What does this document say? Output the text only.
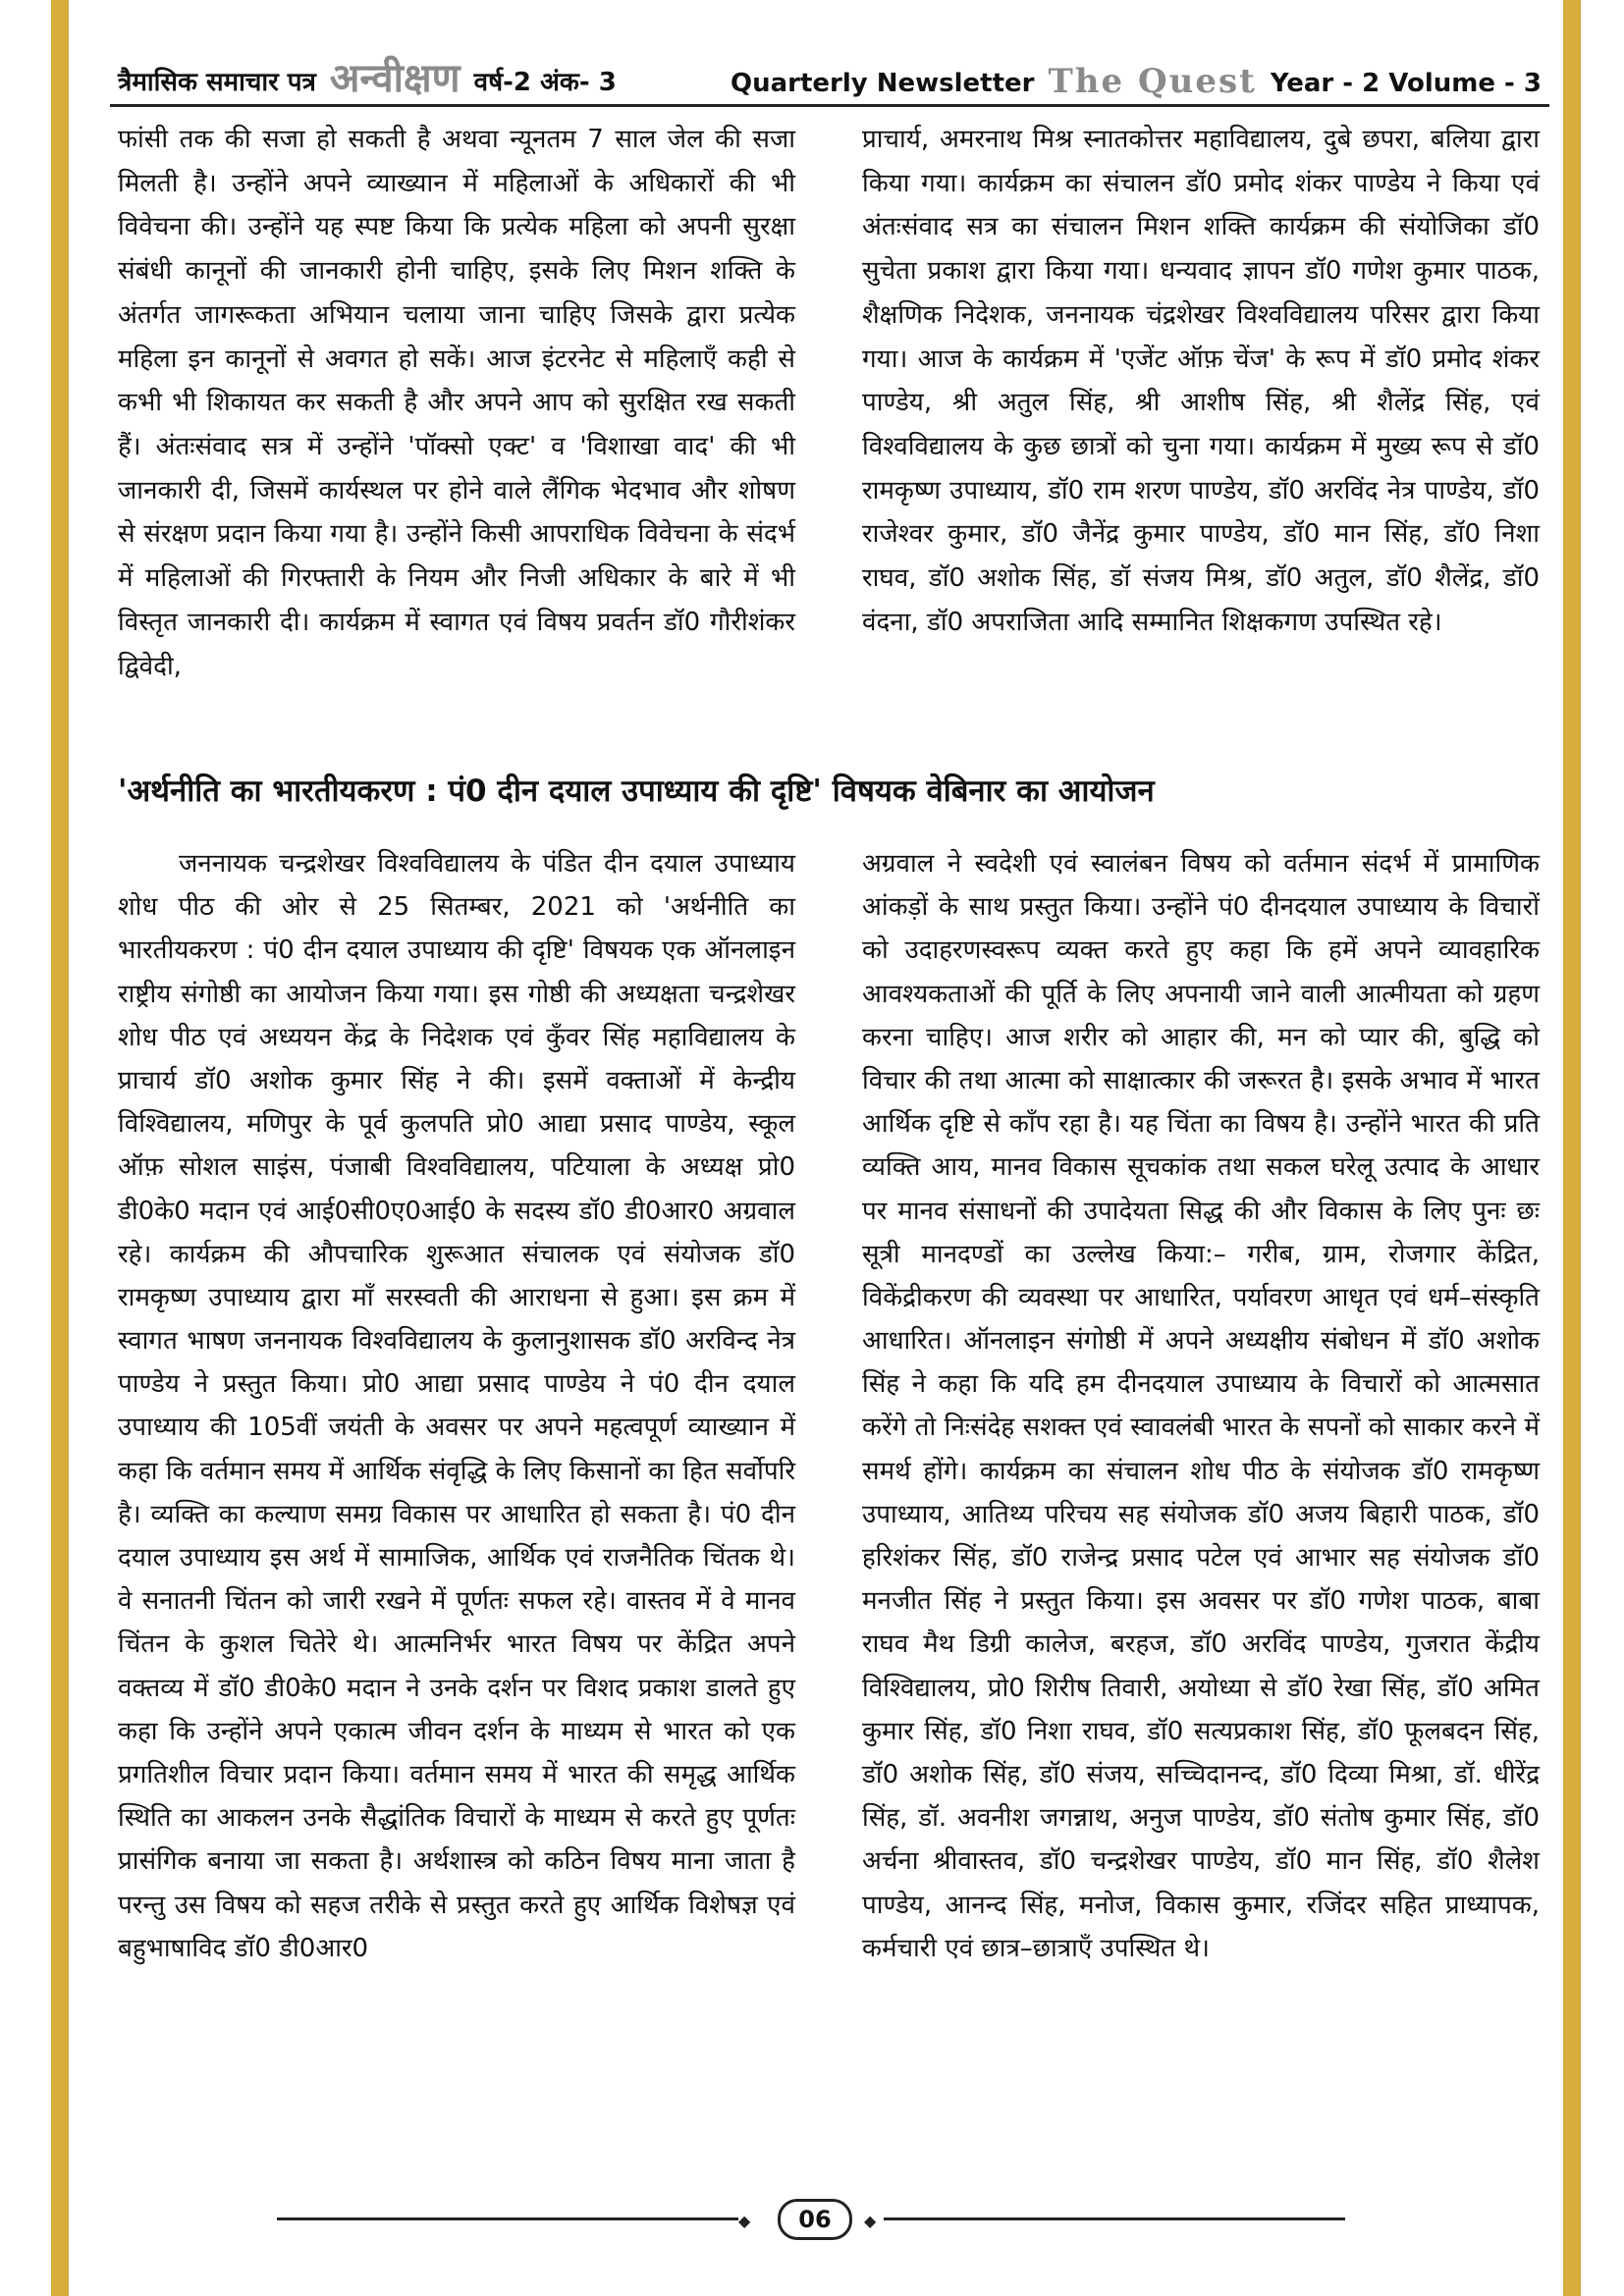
त्रैमासिक समाचार पत्र अन्वीक्षण वर्ष-2 अंक- 3	Quarterly Newsletter The Quest Year - 2 Volume - 3

फांसी तक की सजा हो सकती है अथवा न्यूनतम 7 साल जेल की सजा मिलती है। उन्होंने अपने व्याख्यान में महिलाओं के अधिकारों की भी विवेचना की। उन्होंने यह स्पष्ट किया कि प्रत्येक महिला को अपनी सुरक्षा संबंधी कानूनों की जानकारी होनी चाहिए, इसके लिए मिशन शक्ति के अंतर्गत जागरूकता अभियान चलाया जाना चाहिए जिसके द्वारा प्रत्येक महिला इन कानूनों से अवगत हो सकें। आज इंटरनेट से महिलाएँ कही से कभी भी शिकायत कर सकती है और अपने आप को सुरक्षित रख सकती हैं। अंतःसंवाद सत्र में उन्होंने 'पॉक्सो एक्ट' व 'विशाखा वाद' की भी जानकारी दी, जिसमें कार्यस्थल पर होने वाले लैंगिक भेदभाव और शोषण से संरक्षण प्रदान किया गया है। उन्होंने किसी आपराधिक विवेचना के संदर्भ में महिलाओं की गिरफ्तारी के नियम और निजी अधिकार के बारे में भी विस्तृत जानकारी दी। कार्यक्रम में स्वागत एवं विषय प्रवर्तन डॉ0 गौरीशंकर द्विवेदी,

प्राचार्य, अमरनाथ मिश्र स्नातकोत्तर महाविद्यालय, दुबे छपरा, बलिया द्वारा किया गया। कार्यक्रम का संचालन डॉ0 प्रमोद शंकर पाण्डेय ने किया एवं अंतःसंवाद सत्र का संचालन मिशन शक्ति कार्यक्रम की संयोजिका डॉ0 सुचेता प्रकाश द्वारा किया गया। धन्यवाद ज्ञापन डॉ0 गणेश कुमार पाठक, शैक्षणिक निदेशक, जननायक चंद्रशेखर विश्वविद्यालय परिसर द्वारा किया गया। आज के कार्यक्रम में 'एजेंट ऑफ़ चेंज' के रूप में डॉ0 प्रमोद शंकर पाण्डेय, श्री अतुल सिंह, श्री आशीष सिंह, श्री शैलेंद्र सिंह, एवं विश्वविद्यालय के कुछ छात्रों को चुना गया। कार्यक्रम में मुख्य रूप से डॉ0 रामकृष्ण उपाध्याय, डॉ0 राम शरण पाण्डेय, डॉ0 अरविंद नेत्र पाण्डेय, डॉ0 राजेश्वर कुमार, डॉ0 जैनेंद्र कुमार पाण्डेय, डॉ0 मान सिंह, डॉ0 निशा राघव, डॉ0 अशोक सिंह, डॉ संजय मिश्र, डॉ0 अतुल, डॉ0 शैलेंद्र, डॉ0 वंदना, डॉ0 अपराजिता आदि सम्मानित शिक्षकगण उपस्थित रहे।

'अर्थनीति का भारतीयकरण : पं0 दीन दयाल उपाध्याय की दृष्टि' विषयक वेबिनार का आयोजन

जननायक चन्द्रशेखर विश्वविद्यालय के पंडित दीन दयाल उपाध्याय शोध पीठ की ओर से 25 सितम्बर, 2021 को 'अर्थनीति का भारतीयकरण : पं0 दीन दयाल उपाध्याय की दृष्टि' विषयक एक ऑनलाइन राष्ट्रीय संगोष्ठी का आयोजन किया गया। इस गोष्ठी की अध्यक्षता चन्द्रशेखर शोध पीठ एवं अध्ययन केंद्र के निदेशक एवं कुँवर सिंह महाविद्यालय के प्राचार्य डॉ0 अशोक कुमार सिंह ने की। इसमें वक्ताओं में केन्द्रीय विश्विद्यालय, मणिपुर के पूर्व कुलपति प्रो0 आद्या प्रसाद पाण्डेय, स्कूल ऑफ़ सोशल साइंस, पंजाबी विश्वविद्यालय, पटियाला के अध्यक्ष प्रो0 डी0के0 मदान एवं आई0सी0ए0आई0 के सदस्य डॉ0 डी0आर0 अग्रवाल रहे। कार्यक्रम की औपचारिक शुरूआत संचालक एवं संयोजक डॉ0 रामकृष्ण उपाध्याय द्वारा माँ सरस्वती की आराधना से हुआ। इस क्रम में स्वागत भाषण जननायक विश्वविद्यालय के कुलानुशासक डॉ0 अरविन्द नेत्र पाण्डेय ने प्रस्तुत किया। प्रो0 आद्या प्रसाद पाण्डेय ने पं0 दीन दयाल उपाध्याय की 105वीं जयंती के अवसर पर अपने महत्वपूर्ण व्याख्यान में कहा कि वर्तमान समय में आर्थिक संवृद्धि के लिए किसानों का हित सर्वोपरि है। व्यक्ति का कल्याण समग्र विकास पर आधारित हो सकता है। पं0 दीन दयाल उपाध्याय इस अर्थ में सामाजिक, आर्थिक एवं राजनैतिक चिंतक थे। वे सनातनी चिंतन को जारी रखने में पूर्णतः सफल रहे। वास्तव में वे मानव चिंतन के कुशल चितेरे थे। आत्मनिर्भर भारत विषय पर केंद्रित अपने वक्तव्य में डॉ0 डी0के0 मदान ने उनके दर्शन पर विशद प्रकाश डालते हुए कहा कि उन्होंने अपने एकात्म जीवन दर्शन के माध्यम से भारत को एक प्रगतिशील विचार प्रदान किया। वर्तमान समय में भारत की समृद्ध आर्थिक स्थिति का आकलन उनके सैद्धांतिक विचारों के माध्यम से करते हुए पूर्णतः प्रासंगिक बनाया जा सकता है। अर्थशास्त्र को कठिन विषय माना जाता है परन्तु उस विषय को सहज तरीके से प्रस्तुत करते हुए आर्थिक विशेषज्ञ एवं बहुभाषाविद डॉ0 डी0आर0

अग्रवाल ने स्वदेशी एवं स्वालंबन विषय को वर्तमान संदर्भ में प्रामाणिक आंकड़ों के साथ प्रस्तुत किया। उन्होंने पं0 दीनदयाल उपाध्याय के विचारों को उदाहरणस्वरूप व्यक्त करते हुए कहा कि हमें अपने व्यावहारिक आवश्यकताओं की पूर्ति के लिए अपनायी जाने वाली आत्मीयता को ग्रहण करना चाहिए। आज शरीर को आहार की, मन को प्यार की, बुद्धि को विचार की तथा आत्मा को साक्षात्कार की जरूरत है। इसके अभाव में भारत आर्थिक दृष्टि से काँप रहा है। यह चिंता का विषय है। उन्होंने भारत की प्रति व्यक्ति आय, मानव विकास सूचकांक तथा सकल घरेलू उत्पाद के आधार पर मानव संसाधनों की उपादेयता सिद्ध की और विकास के लिए पुनः छः सूत्री मानदण्डों का उल्लेख किया:– गरीब, ग्राम, रोजगार केंद्रित, विकेंद्रीकरण की व्यवस्था पर आधारित, पर्यावरण आधृत एवं धर्म–संस्कृति आधारित। ऑनलाइन संगोष्ठी में अपने अध्यक्षीय संबोधन में डॉ0 अशोक सिंह ने कहा कि यदि हम दीनदयाल उपाध्याय के विचारों को आत्मसात करेंगे तो निःसंदेह सशक्त एवं स्वावलंबी भारत के सपनों को साकार करने में समर्थ होंगे। कार्यक्रम का संचालन शोध पीठ के संयोजक डॉ0 रामकृष्ण उपाध्याय, आतिथ्य परिचय सह संयोजक डॉ0 अजय बिहारी पाठक, डॉ0 हरिशंकर सिंह, डॉ0 राजेन्द्र प्रसाद पटेल एवं आभार सह संयोजक डॉ0 मनजीत सिंह ने प्रस्तुत किया। इस अवसर पर डॉ0 गणेश पाठक, बाबा राघव मैथ डिग्री कालेज, बरहज, डॉ0 अरविंद पाण्डेय, गुजरात केंद्रीय विश्विद्यालय, प्रो0 शिरीष तिवारी, अयोध्या से डॉ0 रेखा सिंह, डॉ0 अमित कुमार सिंह, डॉ0 निशा राघव, डॉ0 सत्यप्रकाश सिंह, डॉ0 फूलबदन सिंह, डॉ0 अशोक सिंह, डॉ0 संजय, सच्चिदानन्द, डॉ0 दिव्या मिश्रा, डॉ. धीरेंद्र सिंह, डॉ. अवनीश जगन्नाथ, अनुज पाण्डेय, डॉ0 संतोष कुमार सिंह, डॉ0 अर्चना श्रीवास्तव, डॉ0 चन्द्रशेखर पाण्डेय, डॉ0 मान सिंह, डॉ0 शैलेश पाण्डेय, आनन्द सिंह, मनोज, विकास कुमार, रजिंदर सहित प्राध्यापक, कर्मचारी एवं छात्र–छात्राएँ उपस्थित थे।

◆	06	◆
